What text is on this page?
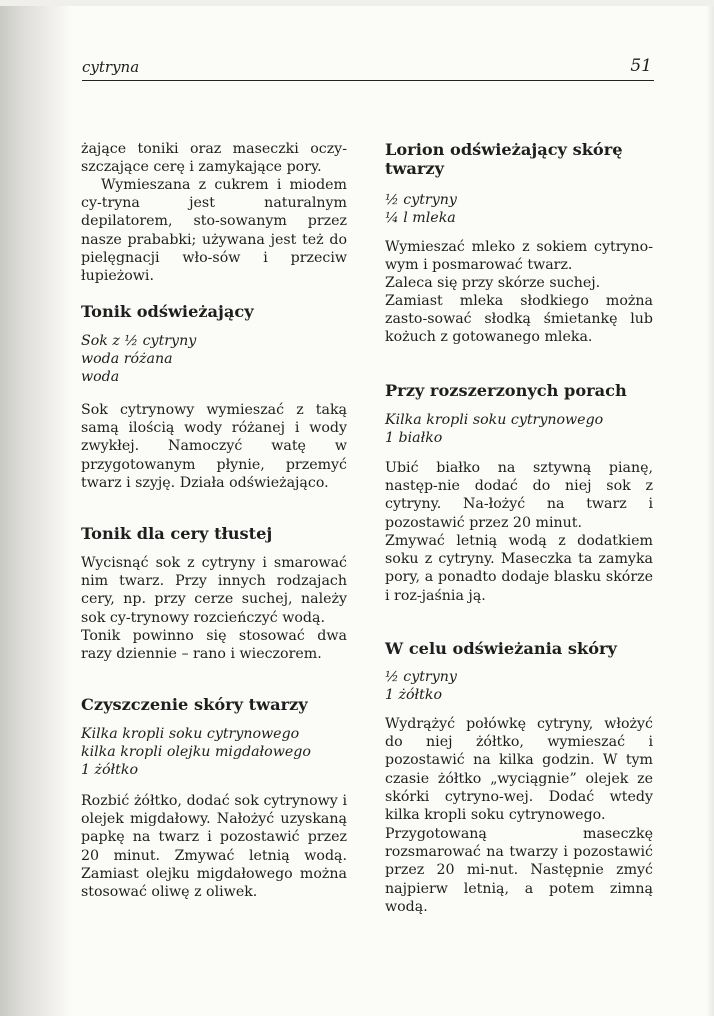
cytryna	51

żające toniki oraz maseczki oczy-szczające cerę i zamykające pory.

Wymieszana z cukrem i miodem cy-tryna jest naturalnym depilatorem, sto-sowanym przez nasze prababki; używana jest też do pielęgnacji wło-sów i przeciw łupieżowi.

Tonik odświeżający
Sok z ½ cytryny
woda różana
woda

Sok cytrynowy wymieszać z taką samą ilością wody różanej i wody zwykłej. Namoczyć watę w przygotowanym płynie, przemyć twarz i szyję. Działa odświeżająco.

Tonik dla cery tłustej

Wycisnąć sok z cytryny i smarować nim twarz. Przy innych rodzajach cery, np. przy cerze suchej, należy sok cy-trynowy rozcieńczyć wodą.

Tonik powinno się stosować dwa razy dziennie – rano i wieczorem.

Czyszczenie skóry twarzy
Kilka kropli soku cytrynowego
kilka kropli olejku migdałowego
1 żółtko

Rozbić żółtko, dodać sok cytrynowy i olejek migdałowy. Nałożyć uzyskaną papkę na twarz i pozostawić przez 20 minut. Zmywać letnią wodą. Zamiast olejku migdałowego można stosować oliwę z oliwek.

Lorion odświeżający skórę twarzy
½ cytryny
¼ l mleka

Wymieszać mleko z sokiem cytryno-wym i posmarować twarz.

Zaleca się przy skórze suchej.

Zamiast mleka słodkiego można zasto-sować słodką śmietankę lub kożuch z gotowanego mleka.

Przy rozszerzonych porach
Kilka kropli soku cytrynowego
1 białko

Ubić białko na sztywną pianę, następ-nie dodać do niej sok z cytryny. Na-łożyć na twarz i pozostawić przez 20 minut.

Zmywać letnią wodą z dodatkiem soku z cytryny. Maseczka ta zamyka pory, a ponadto dodaje blasku skórze i roz-jaśnia ją.

W celu odświeżania skóry
½ cytryny
1 żółtko

Wydrążyć połówkę cytryny, włożyć do niej żółtko, wymieszać i pozostawić na kilka godzin. W tym czasie żółtko „wyciągnie” olejek ze skórki cytryno-wej. Dodać wtedy kilka kropli soku cytrynowego.

Przygotowaną maseczkę rozsmarować na twarzy i pozostawić przez 20 mi-nut. Następnie zmyć najpierw letnią, a potem zimną wodą.
